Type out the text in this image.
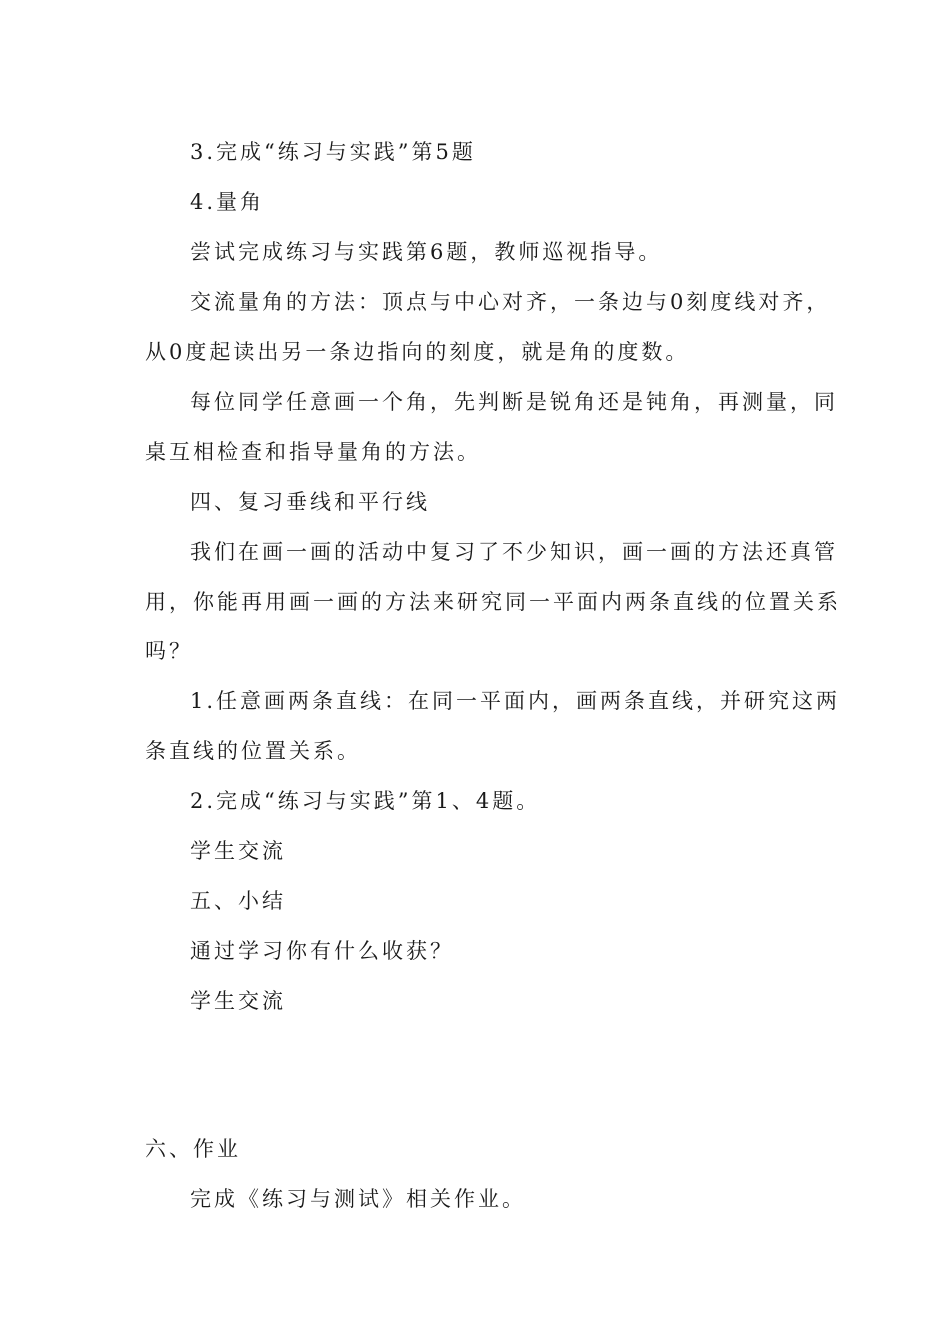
3.完成“练习与实践”第5题
4.量角
尝试完成练习与实践第6题，教师巡视指导。
交流量角的方法：顶点与中心对齐，一条边与0刻度线对齐，
从0度起读出另一条边指向的刻度，就是角的度数。
每位同学任意画一个角，先判断是锐角还是钝角，再测量，同
桌互相检查和指导量角的方法。
四、复习垂线和平行线
我们在画一画的活动中复习了不少知识，画一画的方法还真管
用，你能再用画一画的方法来研究同一平面内两条直线的位置关系
吗？
1.任意画两条直线：在同一平面内，画两条直线，并研究这两
条直线的位置关系。
2.完成“练习与实践”第1、4题。
学生交流
五、小结
通过学习你有什么收获？
学生交流
六、作业
完成《练习与测试》相关作业。
